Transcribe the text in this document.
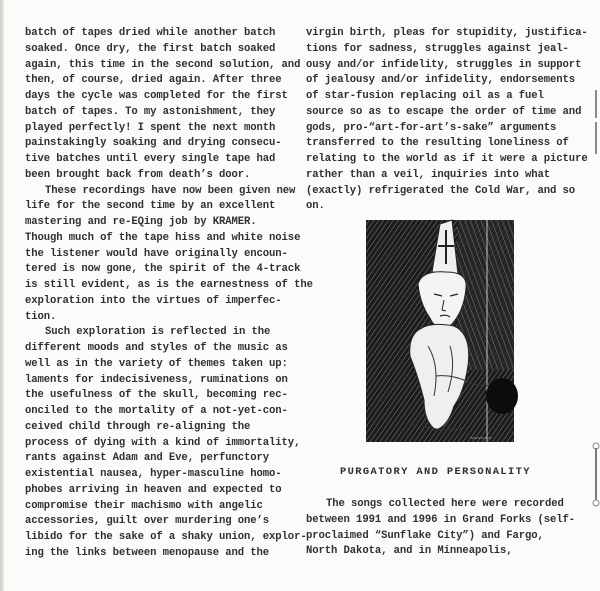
batch of tapes dried while another batch
soaked. Once dry, the first batch soaked
again, this time in the second solution, and
then, of course, dried again. After three
days the cycle was completed for the first
batch of tapes. To my astonishment, they
played perfectly! I spent the next month
painstakingly soaking and drying consecu-
tive batches until every single tape had
been brought back from death’s door.
These recordings have now been given new
life for the second time by an excellent
mastering and re-EQing job by KRAMER.
Though much of the tape hiss and white noise
the listener would have originally encoun-
tered is now gone, the spirit of the 4-track
is still evident, as is the earnestness of the
exploration into the virtues of imperfec-
tion.
Such exploration is reflected in the
different moods and styles of the music as
well as in the variety of themes taken up:
laments for indecisiveness, ruminations on
the usefulness of the skull, becoming rec-
onciled to the mortality of a not-yet-con-
ceived child through re-aligning the
process of dying with a kind of immortality,
rants against Adam and Eve, perfunctory
existential nausea, hyper-masculine homo-
phobes arriving in heaven and expected to
compromise their machismo with angelic
accessories, guilt over murdering one’s
libido for the sake of a shaky union, explor-
ing the links between menopause and the
virgin birth, pleas for stupidity, justifica-
tions for sadness, struggles against jeal-
ousy and/or infidelity, struggles in support
of jealousy and/or infidelity, endorsements
of star-fusion replacing oil as a fuel
source so as to escape the order of time and
gods, pro-“art-for-art’s-sake” arguments
transferred to the resulting loneliness of
relating to the world as if it were a picture
rather than a veil, inquiries into what
(exactly) refrigerated the Cold War, and so
on.
~~~~~~
PURGATORY AND PERSONALITY
The songs collected here were recorded
between 1991 and 1996 in Grand Forks (self-
proclaimed “Sunflake City”) and Fargo,
North Dakota, and in Minneapolis,
